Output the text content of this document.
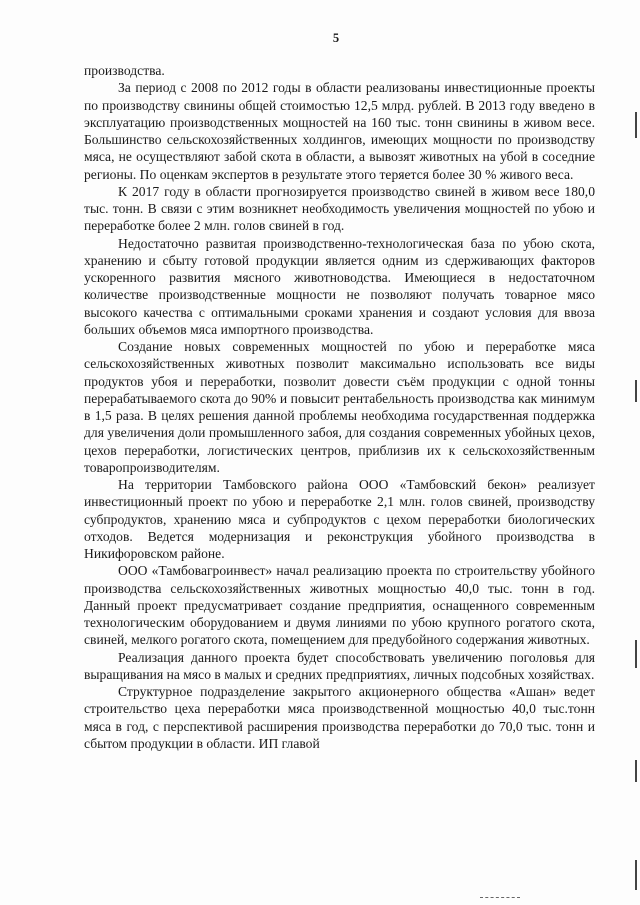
5

производства.

За период с 2008 по 2012 годы в области реализованы инвестиционные проекты по производству свинины общей стоимостью 12,5 млрд. рублей. В 2013 году введено в эксплуатацию производственных мощностей на 160 тыс. тонн свинины в живом весе. Большинство сельскохозяйственных холдингов, имеющих мощности по производству мяса, не осуществляют забой скота в области, а вывозят животных на убой в соседние регионы. По оценкам экспертов в результате этого теряется более 30 % живого веса.

К 2017 году в области прогнозируется производство свиней в живом весе 180,0 тыс. тонн. В связи с этим возникнет необходимость увеличения мощностей по убою и переработке более 2 млн. голов свиней в год.

Недостаточно развитая производственно-технологическая база по убою скота, хранению и сбыту готовой продукции является одним из сдерживающих факторов ускоренного развития мясного животноводства. Имеющиеся в недостаточном количестве производственные мощности не позволяют получать товарное мясо высокого качества с оптимальными сроками хранения и создают условия для ввоза больших объемов мяса импортного производства.

Создание новых современных мощностей по убою и переработке мяса сельскохозяйственных животных позволит максимально использовать все виды продуктов убоя и переработки, позволит довести съём продукции с одной тонны перерабатываемого скота до 90% и повысит рентабельность производства как минимум в 1,5 раза. В целях решения данной проблемы необходима государственная поддержка для увеличения доли промышленного забоя, для создания современных убойных цехов, цехов переработки, логистических центров, приблизив их к сельскохозяйственным товаропроизводителям.

На территории Тамбовского района ООО «Тамбовский бекон» реализует инвестиционный проект по убою и переработке 2,1 млн. голов свиней, производству субпродуктов, хранению мяса и субпродуктов с цехом переработки биологических отходов. Ведется модернизация и реконструкция убойного производства в Никифоровском районе.

ООО «Тамбовагроинвест» начал реализацию проекта по строительству убойного производства сельскохозяйственных животных мощностью 40,0 тыс. тонн в год. Данный проект предусматривает создание предприятия, оснащенного современным технологическим оборудованием и двумя линиями по убою крупного рогатого скота, свиней, мелкого рогатого скота, помещением для предубойного содержания животных.

Реализация данного проекта будет способствовать увеличению поголовья для выращивания на мясо в малых и средних предприятиях, личных подсобных хозяйствах.

Структурное подразделение закрытого акционерного общества «Ашан» ведет строительство цеха переработки мяса производственной мощностью 40,0 тыс.тонн мяса в год, с перспективой расширения производства переработки до 70,0 тыс. тонн и сбытом продукции в области. ИП главой
